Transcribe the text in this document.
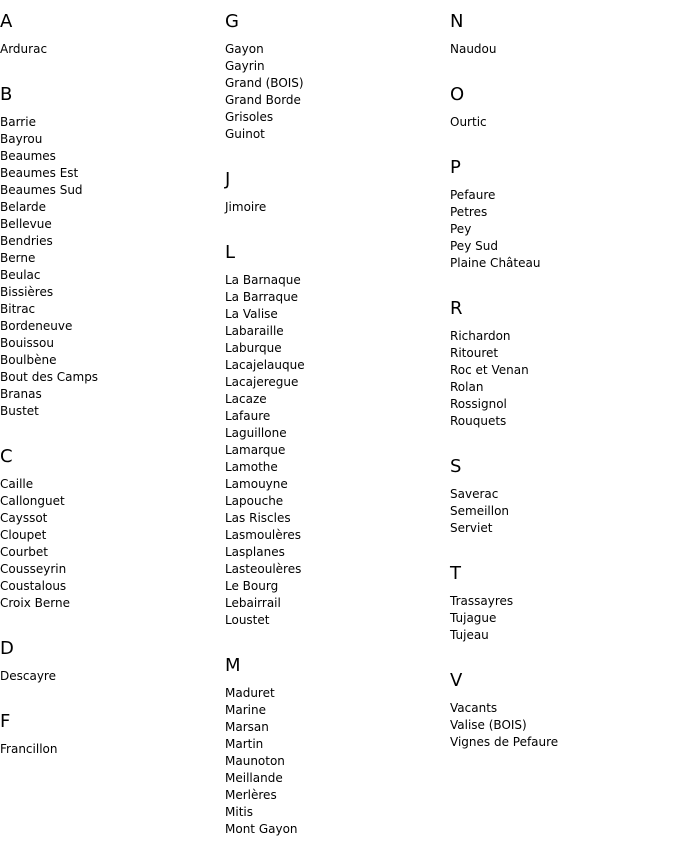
A
Ardurac
B
Barrie
Bayrou
Beaumes
Beaumes Est
Beaumes Sud
Belarde
Bellevue
Bendries
Berne
Beulac
Bissières
Bitrac
Bordeneuve
Bouissou
Boulbène
Bout des Camps
Branas
Bustet
C
Caille
Callonguet
Cayssot
Cloupet
Courbet
Cousseyrin
Coustalous
Croix Berne
D
Descayre
F
Francillon
G
Gayon
Gayrin
Grand (BOIS)
Grand Borde
Grisoles
Guinot
J
Jimoire
L
La Barnaque
La Barraque
La Valise
Labaraille
Laburque
Lacajelauque
Lacajeregue
Lacaze
Lafaure
Laguillone
Lamarque
Lamothe
Lamouyne
Lapouche
Las Riscles
Lasmoulères
Lasplanes
Lasteoulères
Le Bourg
Lebairrail
Loustet
M
Maduret
Marine
Marsan
Martin
Maunoton
Meillande
Merlères
Mitis
Mont Gayon
N
Naudou
O
Ourtic
P
Pefaure
Petres
Pey
Pey Sud
Plaine Château
R
Richardon
Ritouret
Roc et Venan
Rolan
Rossignol
Rouquets
S
Saverac
Semeillon
Serviet
T
Trassayres
Tujague
Tujeau
V
Vacants
Valise (BOIS)
Vignes de Pefaure
